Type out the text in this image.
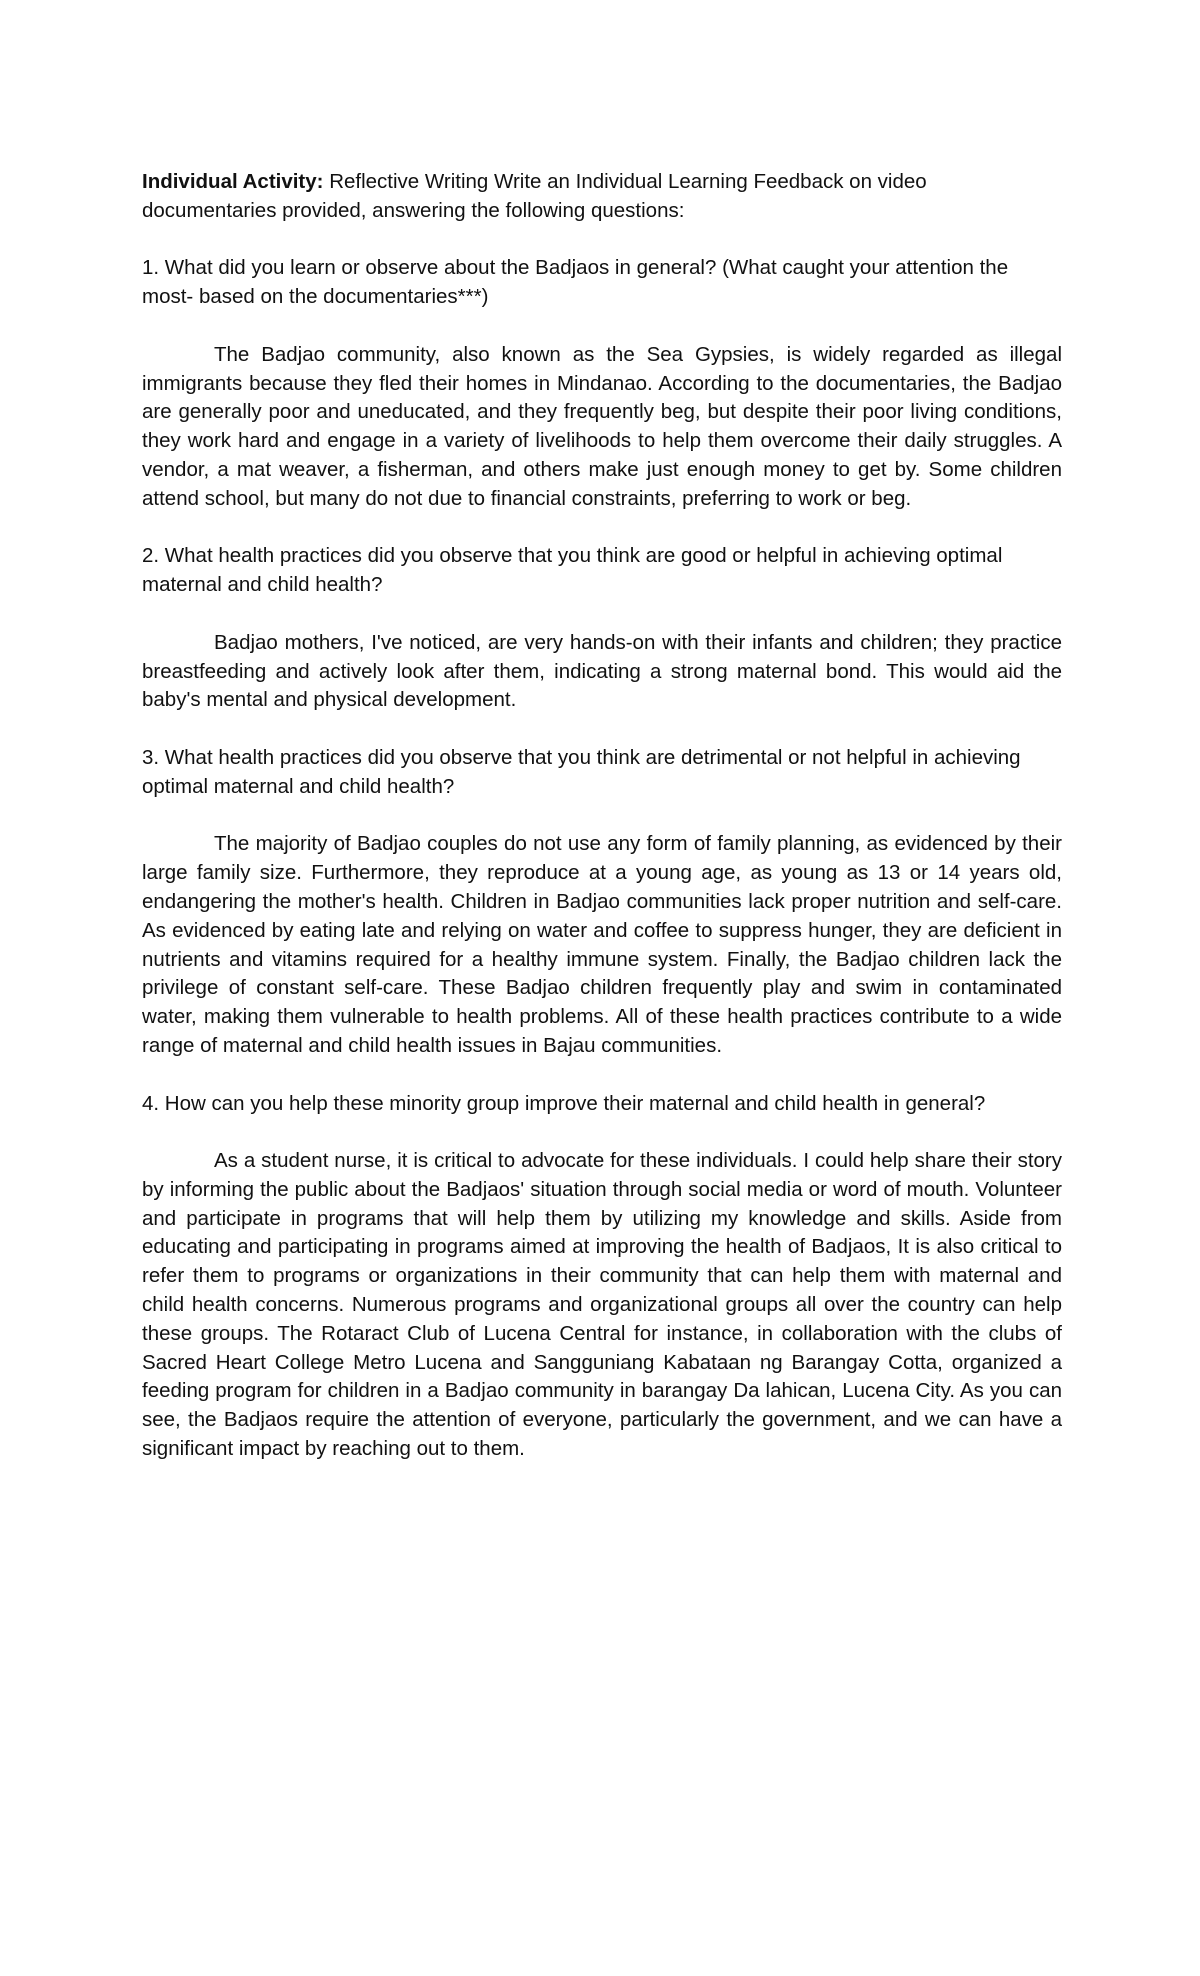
Individual Activity: Reflective Writing Write an Individual Learning Feedback on video documentaries provided, answering the following questions:

1. What did you learn or observe about the Badjaos in general? (What caught your attention the most- based on the documentaries***)

The Badjao community, also known as the Sea Gypsies, is widely regarded as illegal immigrants because they fled their homes in Mindanao. According to the documentaries, the Badjao are generally poor and uneducated, and they frequently beg, but despite their poor living conditions, they work hard and engage in a variety of livelihoods to help them overcome their daily struggles. A vendor, a mat weaver, a fisherman, and others make just enough money to get by. Some children attend school, but many do not due to financial constraints, preferring to work or beg.

2. What health practices did you observe that you think are good or helpful in achieving optimal maternal and child health?

Badjao mothers, I've noticed, are very hands-on with their infants and children; they practice breastfeeding and actively look after them, indicating a strong maternal bond. This would aid the baby's mental and physical development.

3. What health practices did you observe that you think are detrimental or not helpful in achieving optimal maternal and child health?

The majority of Badjao couples do not use any form of family planning, as evidenced by their large family size. Furthermore, they reproduce at a young age, as young as 13 or 14 years old, endangering the mother's health. Children in Badjao communities lack proper nutrition and self-care. As evidenced by eating late and relying on water and coffee to suppress hunger, they are deficient in nutrients and vitamins required for a healthy immune system. Finally, the Badjao children lack the privilege of constant self-care. These Badjao children frequently play and swim in contaminated water, making them vulnerable to health problems. All of these health practices contribute to a wide range of maternal and child health issues in Bajau communities.

4. How can you help these minority group improve their maternal and child health in general?

As a student nurse, it is critical to advocate for these individuals. I could help share their story by informing the public about the Badjaos' situation through social media or word of mouth. Volunteer and participate in programs that will help them by utilizing my knowledge and skills. Aside from educating and participating in programs aimed at improving the health of Badjaos, It is also critical to refer them to programs or organizations in their community that can help them with maternal and child health concerns. Numerous programs and organizational groups all over the country can help these groups. The Rotaract Club of Lucena Central for instance, in collaboration with the clubs of Sacred Heart College Metro Lucena and Sangguniang Kabataan ng Barangay Cotta, organized a feeding program for children in a Badjao community in barangay Da lahican, Lucena City. As you can see, the Badjaos require the attention of everyone, particularly the government, and we can have a significant impact by reaching out to them.
